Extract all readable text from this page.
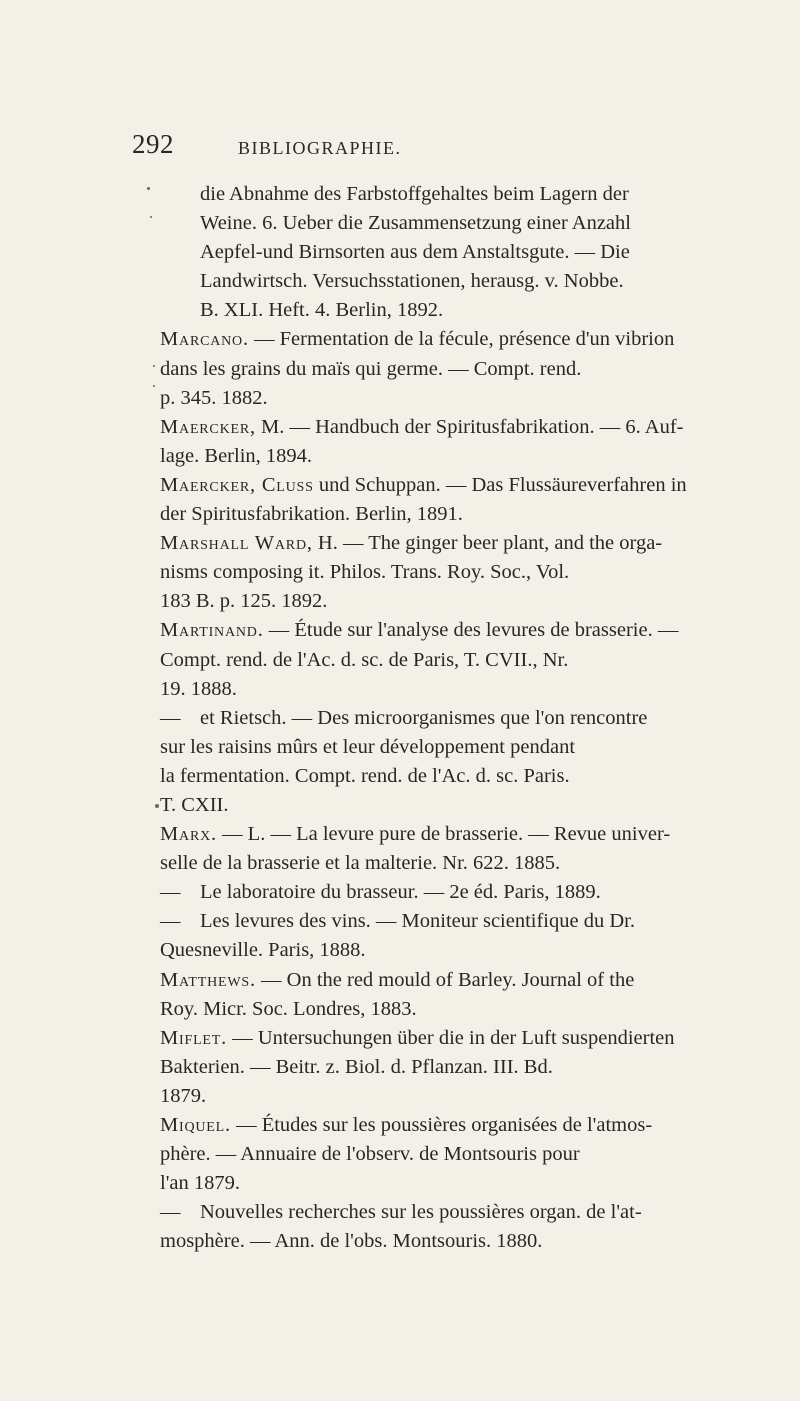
292	BIBLIOGRAPHIE.
die Abnahme des Farbstoffgehaltes beim Lagern der
Weine. 6. Ueber die Zusammensetzung einer Anzahl
Aepfel-und Birnsorten aus dem Anstaltsgute. — Die
Landwirtsch. Versuchsstationen, herausg. v. Nobbe.
B. XLI. Heft. 4. Berlin, 1892.
Marcano. — Fermentation de la fécule, présence d'un vibrion
dans les grains du maïs qui germe. — Compt. rend.
p. 345. 1882.
Maercker, M. — Handbuch der Spiritusfabrikation. — 6. Auf-
lage. Berlin, 1894.
Maercker, Cluss und Schuppan. — Das Flussäureverfahren in
der Spiritusfabrikation. Berlin, 1891.
Marshall Ward, H. — The ginger beer plant, and the orga-
nisms composing it. Philos. Trans. Roy. Soc., Vol.
183 B. p. 125. 1892.
Martinand. — Étude sur l'analyse des levures de brasserie. —
Compt. rend. de l'Ac. d. sc. de Paris, T. CVII., Nr.
19. 1888.
— et Rietsch. — Des microorganismes que l'on rencontre
sur les raisins mûrs et leur développement pendant
la fermentation. Compt. rend. de l'Ac. d. sc. Paris.
T. CXII.
Marx. — L. — La levure pure de brasserie. — Revue univer-
selle de la brasserie et la malterie. Nr. 622. 1885.
— Le laboratoire du brasseur. — 2e éd. Paris, 1889.
— Les levures des vins. — Moniteur scientifique du Dr.
Quesneville. Paris, 1888.
Matthews. — On the red mould of Barley. Journal of the
Roy. Micr. Soc. Londres, 1883.
Miflet. — Untersuchungen über die in der Luft suspendierten
Bakterien. — Beitr. z. Biol. d. Pflanzan. III. Bd.
1879.
Miquel. — Études sur les poussières organisées de l'atmos-
phère. — Annuaire de l'observ. de Montsouris pour
l'an 1879.
— Nouvelles recherches sur les poussières organ. de l'at-
mosphère. — Ann. de l'obs. Montsouris. 1880.
